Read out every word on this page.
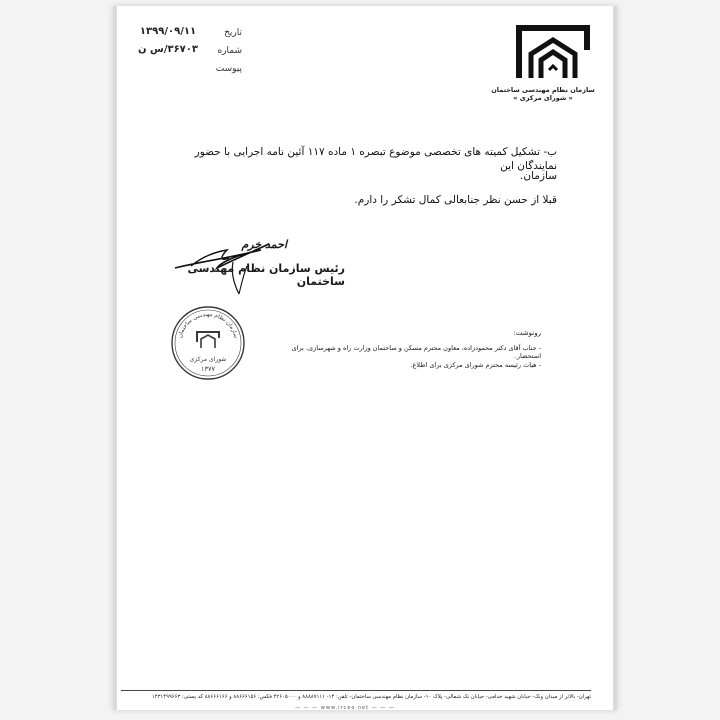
سازمان نظام مهندسی ساختمان
« شورای مرکزی »
تاریخ
۱۳۹۹/۰۹/۱۱
شماره
۳۶۷۰۳/س ن
پیوست
ب- تشکیل کمیته های تخصصی موضوع تبصره ۱ ماده ۱۱۷ آئین نامه اجرایی با حضور نمایندگان این
سازمان.
قبلا از حسن نظر جنابعالی کمال تشکر را دارم.
احمد خرم
رئیس سازمان نظام مهندسی ساختمان
سازمان نظام مهندسی ساختمان
شورای مرکزی
۱۳۷۷
رونوشت:
- جناب آقای دکتر محمودزاده، معاون محترم مسکن و ساختمان وزارت راه و شهرسازی، برای استحضار.
- هیات رئیسه محترم شورای مرکزی برای اطلاع.
تهران- بالاتر از میدان ونک- خیابان شهید خدامی- خیابان نک شمالی- پلاک ۱۰- سازمان نظام مهندسی ساختمان- تلفن: ۱۴- ۸۸۸۸۷۱۱۱ و ۴۲۶۰۵۰۰۰ فکس: ۸۸۶۶۶۱۵۶ و ۸۸۶۶۶۱۶۶ کد پستی: ۱۴۳۱۴۹۹۶۶۳
— — — www.irceo.net — — —
